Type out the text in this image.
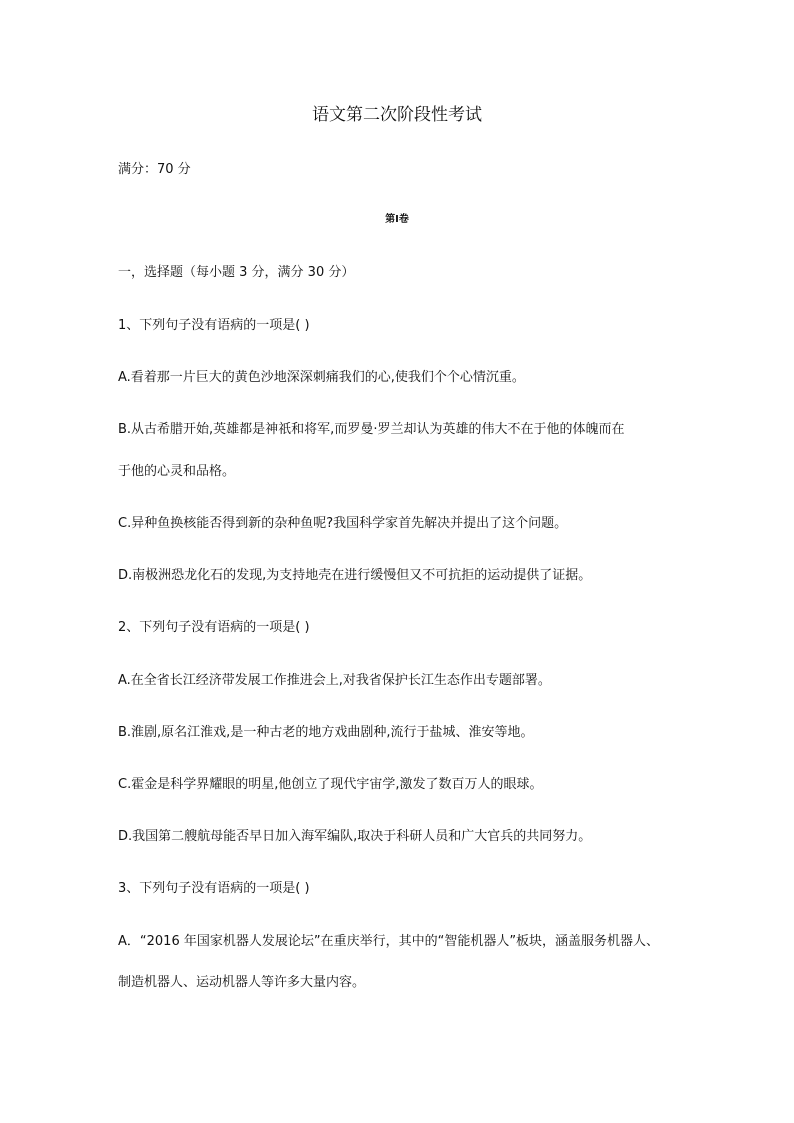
语文第二次阶段性考试
满分：70 分
第Ⅰ卷
一，选择题（每小题 3 分，满分 30 分）
1、下列句子没有语病的一项是( )
A.看着那一片巨大的黄色沙地深深刺痛我们的心,使我们个个心情沉重。
B.从古希腊开始,英雄都是神祇和将军,而罗曼·罗兰却认为英雄的伟大不在于他的体魄而在
于他的心灵和品格。
C.异种鱼换核能否得到新的杂种鱼呢?我国科学家首先解决并提出了这个问题。
D.南极洲恐龙化石的发现,为支持地壳在进行缓慢但又不可抗拒的运动提供了证据。
2、下列句子没有语病的一项是( )
A.在全省长江经济带发展工作推进会上,对我省保护长江生态作出专题部署。
B.淮剧,原名江淮戏,是一种古老的地方戏曲剧种,流行于盐城、淮安等地。
C.霍金是科学界耀眼的明星,他创立了现代宇宙学,激发了数百万人的眼球。
D.我国第二艘航母能否早日加入海军编队,取决于科研人员和广大官兵的共同努力。
3、下列句子没有语病的一项是( )
A．“2016 年国家机器人发展论坛”在重庆举行，其中的“智能机器人”板块，涵盖服务机器人、
制造机器人、运动机器人等许多大量内容。
